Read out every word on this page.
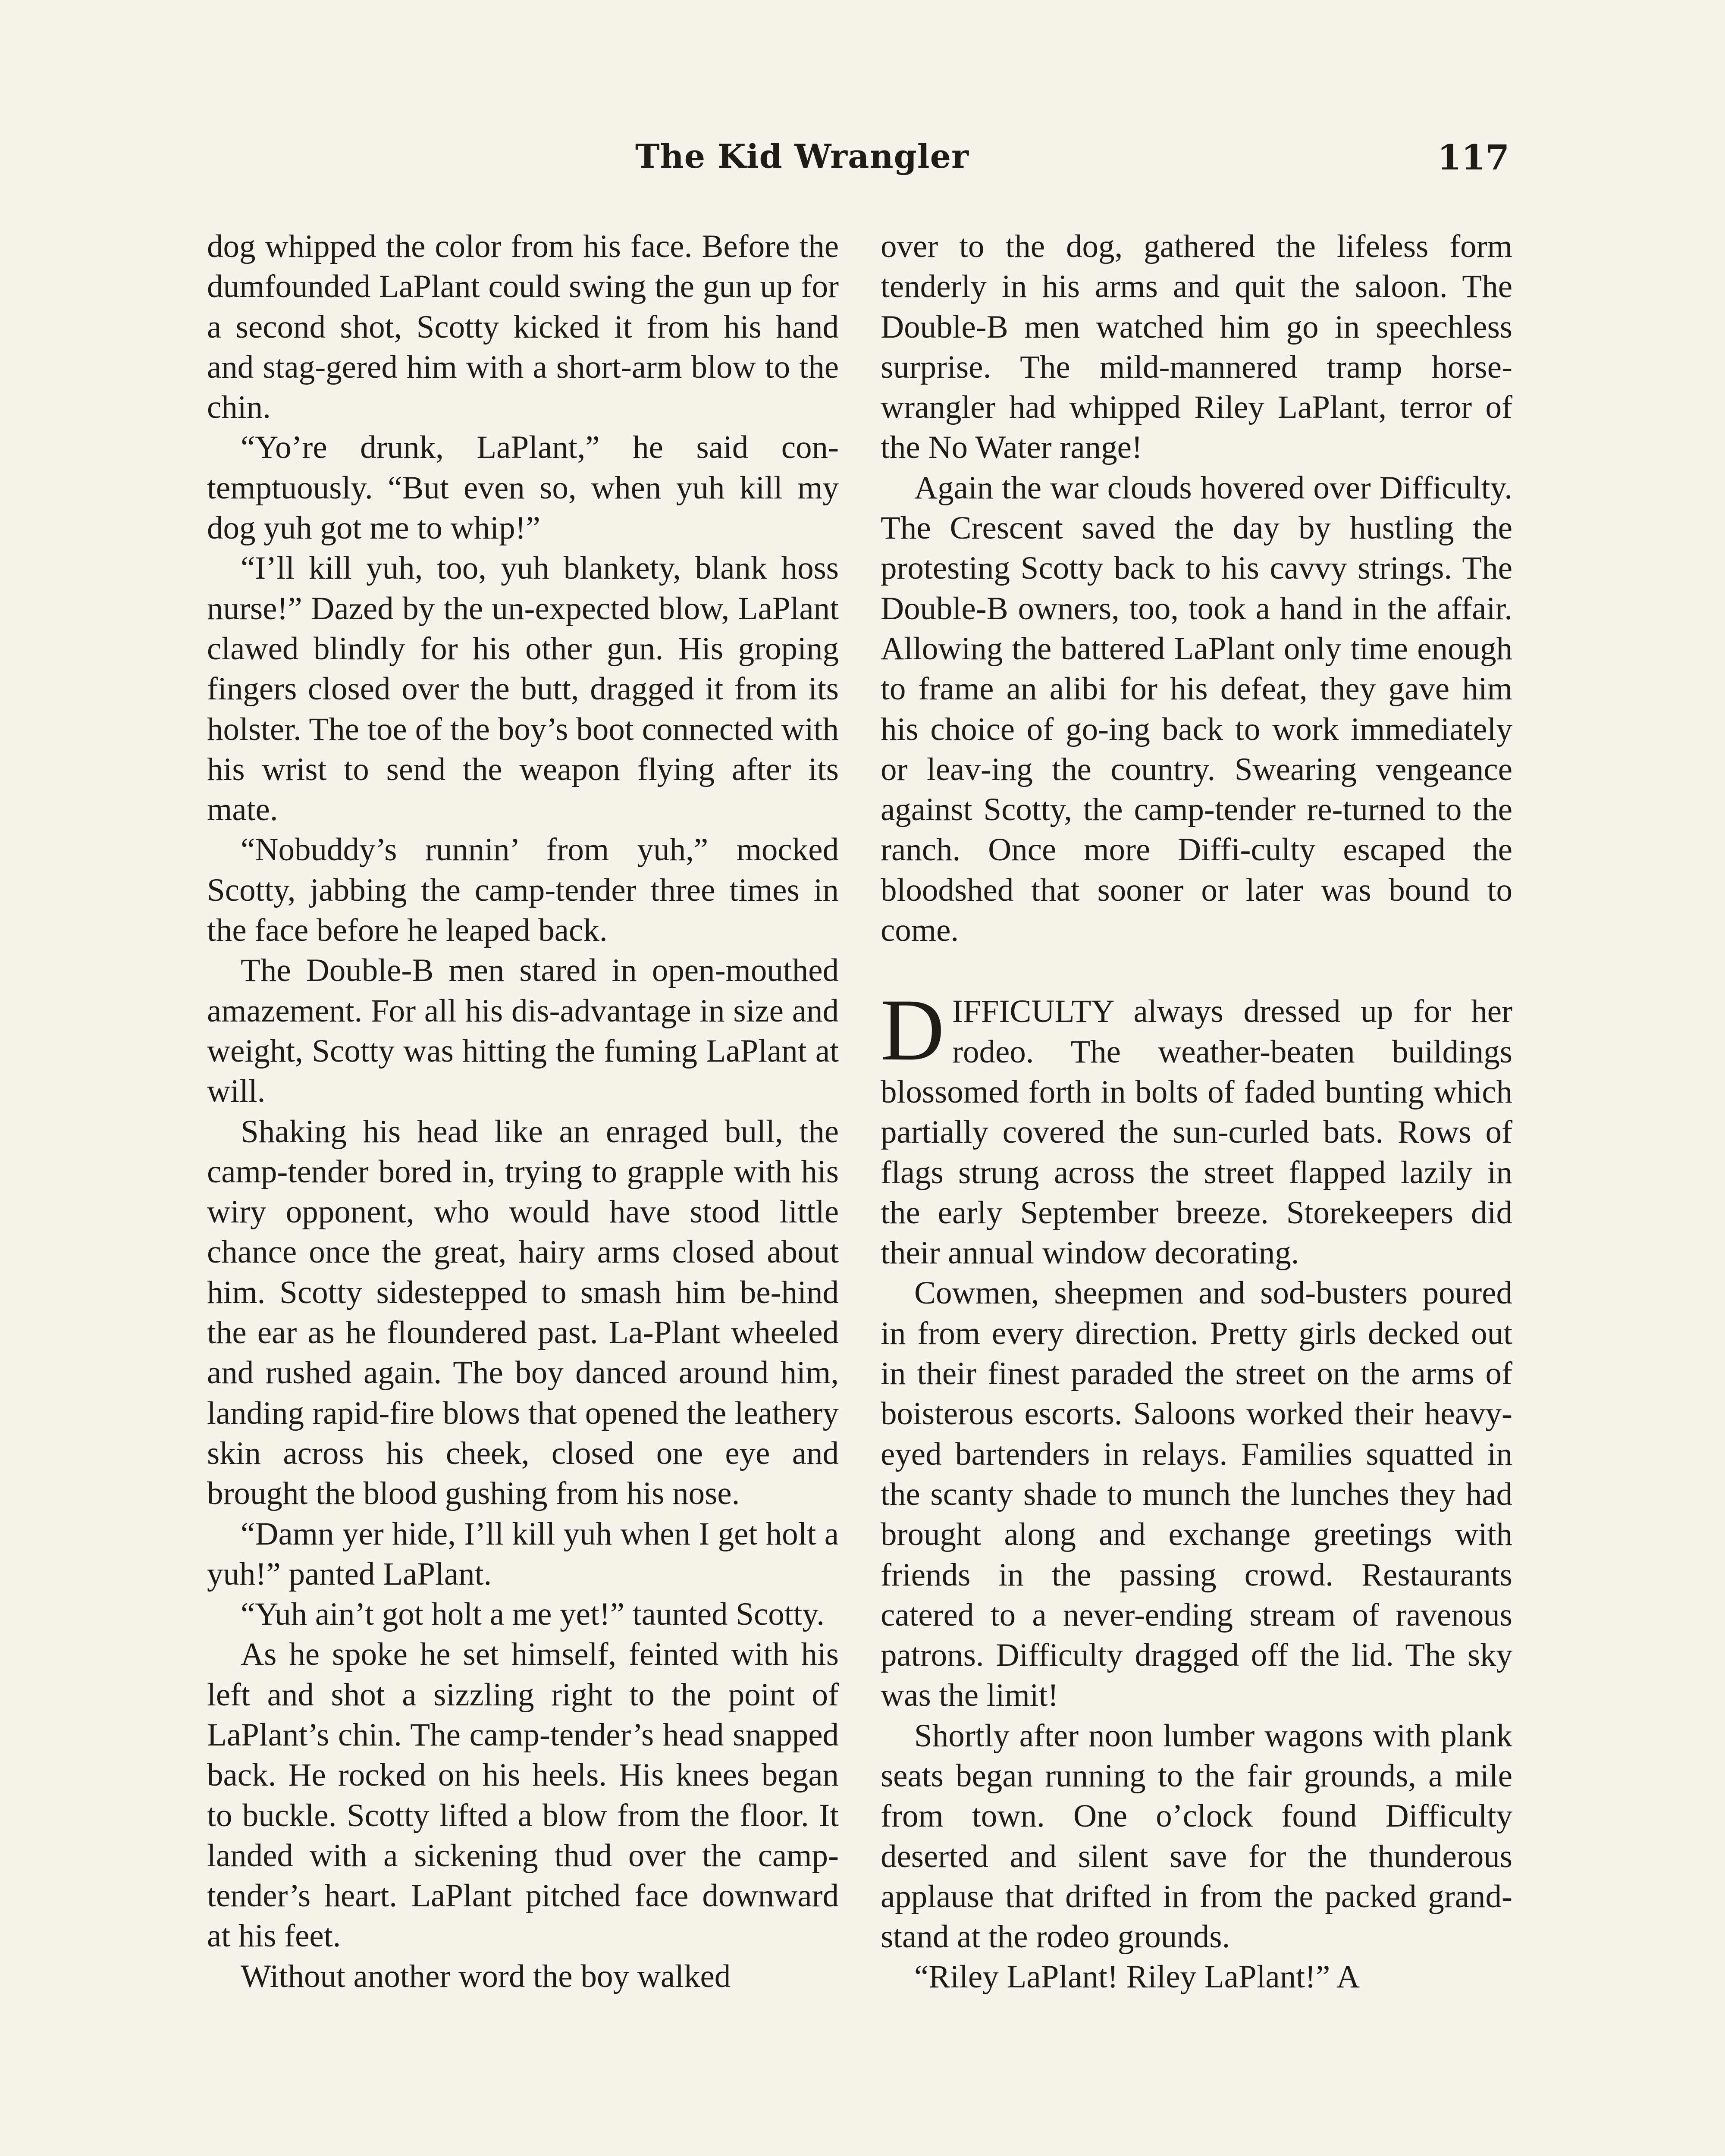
The Kid Wrangler	117

dog whipped the color from his face. Before the dumfounded LaPlant could swing the gun up for a second shot, Scotty kicked it from his hand and stag-gered him with a short-arm blow to the chin.

“Yo’re drunk, LaPlant,” he said con-temptuously. “But even so, when yuh kill my dog yuh got me to whip!”

“I’ll kill yuh, too, yuh blankety, blank hoss nurse!” Dazed by the un-expected blow, LaPlant clawed blindly for his other gun. His groping fingers closed over the butt, dragged it from its holster. The toe of the boy’s boot connected with his wrist to send the weapon flying after its mate.

“Nobuddy’s runnin’ from yuh,” mocked Scotty, jabbing the camp-tender three times in the face before he leaped back.

The Double-B men stared in open-mouthed amazement. For all his dis-advantage in size and weight, Scotty was hitting the fuming LaPlant at will.

Shaking his head like an enraged bull, the camp-tender bored in, trying to grapple with his wiry opponent, who would have stood little chance once the great, hairy arms closed about him. Scotty sidestepped to smash him be-hind the ear as he floundered past. La-Plant wheeled and rushed again. The boy danced around him, landing rapid-fire blows that opened the leathery skin across his cheek, closed one eye and brought the blood gushing from his nose.

“Damn yer hide, I’ll kill yuh when I get holt a yuh!” panted LaPlant.

“Yuh ain’t got holt a me yet!” taunted Scotty.

As he spoke he set himself, feinted with his left and shot a sizzling right to the point of LaPlant’s chin. The camp-tender’s head snapped back. He rocked on his heels. His knees began to buckle. Scotty lifted a blow from the floor. It landed with a sickening thud over the camp-tender’s heart. LaPlant pitched face downward at his feet.

Without another word the boy walked

over to the dog, gathered the lifeless form tenderly in his arms and quit the saloon. The Double-B men watched him go in speechless surprise. The mild-mannered tramp horse-wrangler had whipped Riley LaPlant, terror of the No Water range!

Again the war clouds hovered over Difficulty. The Crescent saved the day by hustling the protesting Scotty back to his cavvy strings. The Double-B owners, too, took a hand in the affair. Allowing the battered LaPlant only time enough to frame an alibi for his defeat, they gave him his choice of go-ing back to work immediately or leav-ing the country. Swearing vengeance against Scotty, the camp-tender re-turned to the ranch. Once more Diffi-culty escaped the bloodshed that sooner or later was bound to come.

DIFFICULTY always dressed up for her rodeo. The weather-beaten buildings blossomed forth in bolts of faded bunting which partially covered the sun-curled bats. Rows of flags strung across the street flapped lazily in the early September breeze. Storekeepers did their annual window decorating.

Cowmen, sheepmen and sod-busters poured in from every direction. Pretty girls decked out in their finest paraded the street on the arms of boisterous escorts. Saloons worked their heavy-eyed bartenders in relays. Families squatted in the scanty shade to munch the lunches they had brought along and exchange greetings with friends in the passing crowd. Restaurants catered to a never-ending stream of ravenous patrons. Difficulty dragged off the lid. The sky was the limit!

Shortly after noon lumber wagons with plank seats began running to the fair grounds, a mile from town. One o’clock found Difficulty deserted and silent save for the thunderous applause that drifted in from the packed grand-stand at the rodeo grounds.

“Riley LaPlant! Riley LaPlant!” A
